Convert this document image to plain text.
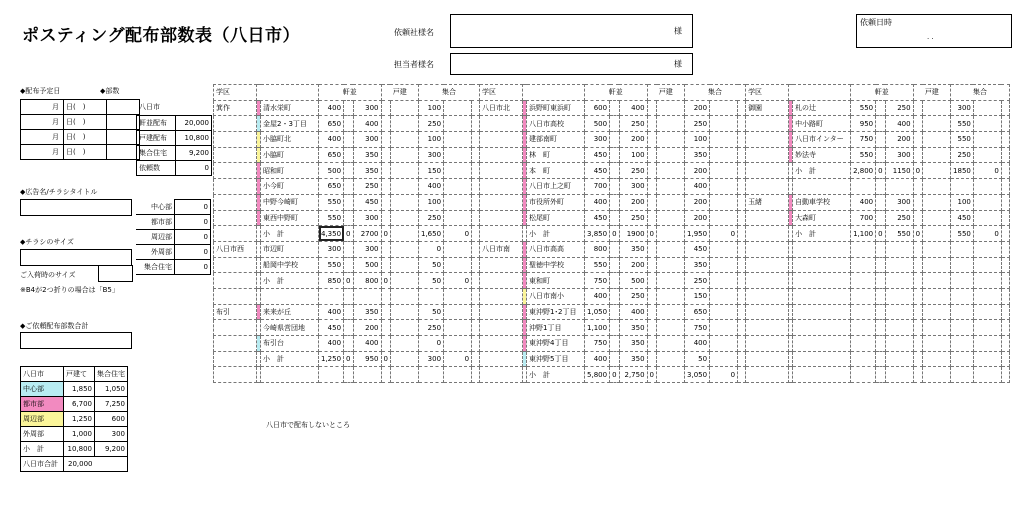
ポスティング配布部数表（八日市）	依頼社様名	様
担当者様名	様
依頼日時
. .
◆配布予定日	◆部数
月	日(　)	
月	日(　)	
月	日(　)	
月	日(　)	
八日市
軒並配布	20,000
戸建配布	10,800
集合住宅	9,200
依頼数	0
◆広告名/チラシタイトル
中心部	0
都市部	0
周辺部	0
外周部	0
集合住宅	0
◆チラシのサイズ
ご入荷時のサイズ
※B4が2つ折りの場合は「B5」
◆ご依頼配布部数合計
八日市	戸建て	集合住宅
中心部	1,850	1,050
都市部	6,700	7,250
周辺部	1,250	600
外周部	1,000	300
小　計	10,800	9,200
八日市合計	20,000	
学区			軒並			戸建		集合			学区			軒並			戸建		集合			学区			軒並			戸建		集合		
箕作		清水栄町	400		300			100			八日市北		浜野町東浜町	600		400			200			御園		札の辻	550		250			300		
		金屋2・3丁目	650		400			250					八日市高校	500		250			250					中小路町	950		400			550		
		小脇町北	400		300			100					建部南町	300		200			100					八日市インター	750		200			550		
		小脇町	650		350			300					林　町	450		100			350					妙法寺	550		300			250		
		昭和町	500		350			150					本　町	450		250			200					小　計	2,800	0	1150	0		1850	0	
		小今町	650		250			400					八日市上之町	700		300			400													
		中野今崎町	550		450			100					市役所外町	400		200			200			玉緒		自動車学校	400		300			100		
		東西中野町	550		300			250					松尾町	450		250			200					大森町	700		250			450		
		小　計	4,350	0	2700	0		1,650	0				小　計	3,850	0	1900	0		1,950	0				小　計	1,100	0	550	0		550	0	
八日市西		市辺町	300		300			0			八日市南		八日市高高	800		350			450													
		船岡中学校	550		500			50					聖徳中学校	550		200			350													
		小　計	850	0	800	0		50	0				東和町	750		500			250													
													八日市南小	400		250			150													
布引		来来が丘	400		350			50					東沖野1･2丁目	1,050		400			650													
		今崎県営団地	450		200			250					沖野1丁目	1,100		350			750													
		布引台	400		400			0					東沖野4丁目	750		350			400													
		小　計	1,250	0	950	0		300	0				東沖野5丁目	400		350			50													
													小　計	5,800	0	2,750	0		3,050	0												
八日市で配布しないところ
